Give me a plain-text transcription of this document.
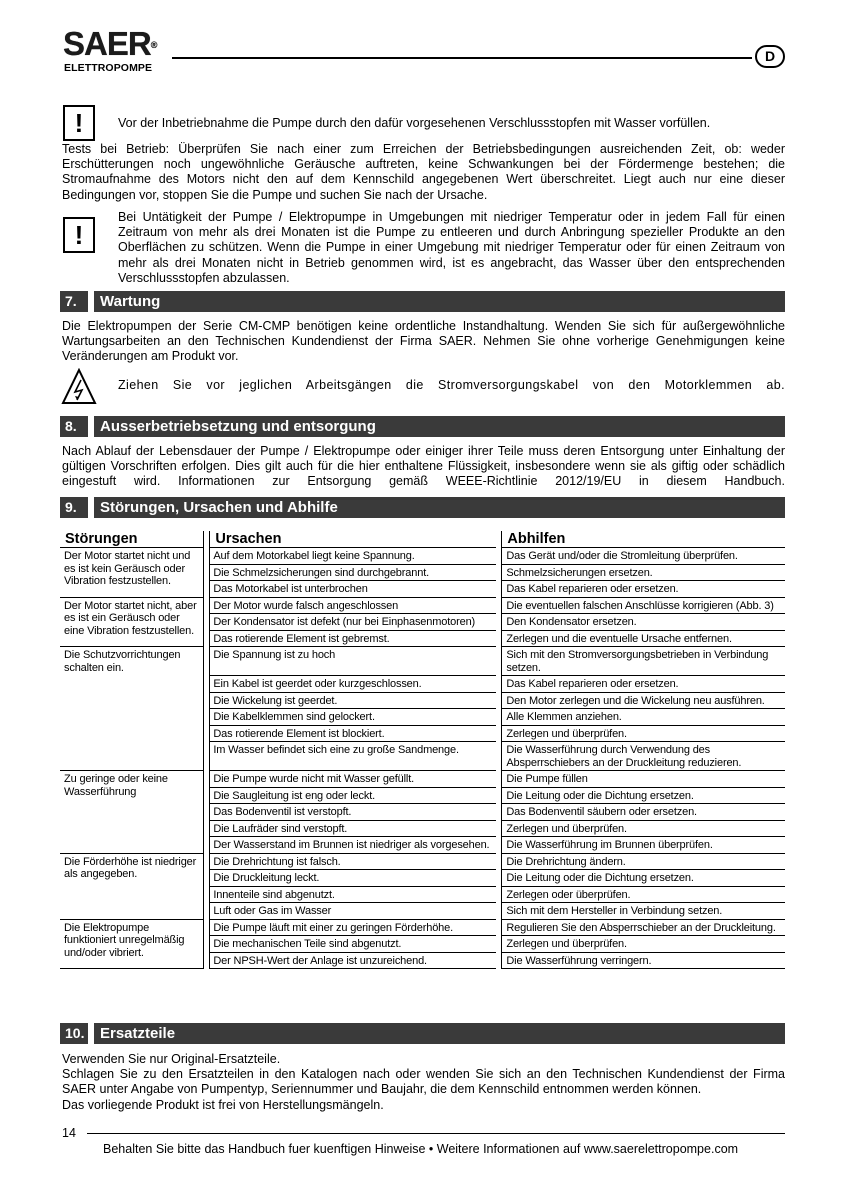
SAER®
ELETTROPOMPE
D
!	Vor der Inbetriebnahme die Pumpe durch den dafür vorgesehenen Verschlussstopfen mit Wasser vorfüllen.
Tests bei Betrieb: Überprüfen Sie nach einer zum Erreichen der Betriebsbedingungen ausreichenden Zeit, ob: weder Erschütterungen noch ungewöhnliche Geräusche auftreten, keine Schwankungen bei der Fördermenge bestehen; die Stromaufnahme des Motors nicht den auf dem Kennschild angegebenen Wert überschreitet. Liegt auch nur eine dieser Bedingungen vor, stoppen Sie die Pumpe und suchen Sie nach der Ursache.
!
Bei Untätigkeit der Pumpe / Elektropumpe in Umgebungen mit niedriger Temperatur oder in jedem Fall für einen Zeitraum von mehr als drei Monaten ist die Pumpe zu entleeren und durch Anbringung spezieller Produkte an den Oberflächen zu schützen. Wenn die Pumpe in einer Umgebung mit niedriger Temperatur oder für einen Zeitraum von mehr als drei Monaten nicht in Betrieb genommen wird, ist es angebracht, das Wasser über den entsprechenden Verschlussstopfen abzulassen.
7.	Wartung
Die Elektropumpen der Serie CM-CMP benötigen keine ordentliche Instandhaltung. Wenden Sie sich für außergewöhnliche Wartungsarbeiten an den Technischen Kundendienst der Firma SAER. Nehmen Sie ohne vorherige Genehmigungen keine Veränderungen am Produkt vor.
Ziehen Sie vor jeglichen Arbeitsgängen die Stromversorgungskabel von den Motorklemmen ab.
8.	Ausserbetriebsetzung und entsorgung
Nach Ablauf der Lebensdauer der Pumpe / Elektropumpe oder einiger ihrer Teile muss deren Entsorgung unter Einhaltung der gültigen Vorschriften erfolgen. Dies gilt auch für die hier enthaltene Flüssigkeit, insbesondere wenn sie als giftig oder schädlich eingestuft wird. Informationen zur Entsorgung gemäß WEEE-Richtlinie 2012/19/EU in diesem Handbuch.
9.	Störungen, Ursachen und Abhilfe
Störungen		Ursachen		Abhilfen
Der Motor startet nicht und es ist kein Geräusch oder Vibration festzustellen.		Auf dem Motorkabel liegt keine Spannung.		Das Gerät und/oder die Stromleitung überprüfen.
		Die Schmelzsicherungen sind durchgebrannt.		Schmelzsicherungen ersetzen.
		Das Motorkabel ist unterbrochen		Das Kabel reparieren oder ersetzen.
Der Motor startet nicht, aber es ist ein Geräusch oder eine Vibration festzustellen.		Der Motor wurde falsch angeschlossen		Die eventuellen falschen Anschlüsse korrigieren (Abb. 3)
		Der Kondensator ist defekt (nur bei Einphasenmotoren)		Den Kondensator ersetzen.
		Das rotierende Element ist gebremst.		Zerlegen und die eventuelle Ursache entfernen.
Die Schutzvorrichtungen schalten ein.		Die Spannung ist zu hoch		Sich mit den Stromversorgungsbetrieben in Verbindung setzen.
		Ein Kabel ist geerdet oder kurzgeschlossen.		Das Kabel reparieren oder ersetzen.
		Die Wickelung ist geerdet.		Den Motor zerlegen und die Wickelung neu ausführen.
		Die Kabelklemmen sind gelockert.		Alle Klemmen anziehen.
		Das rotierende Element ist blockiert.		Zerlegen und überprüfen.
		Im Wasser befindet sich eine zu große Sandmenge.		Die Wasserführung durch Verwendung des Absperrschiebers an der Druckleitung reduzieren.
Zu geringe oder keine Wasserführung		Die Pumpe wurde nicht mit Wasser gefüllt.		Die Pumpe füllen
		Die Saugleitung ist eng oder leckt.		Die Leitung oder die Dichtung ersetzen.
		Das Bodenventil ist verstopft.		Das Bodenventil säubern oder ersetzen.
		Die Laufräder sind verstopft.		Zerlegen und überprüfen.
		Der Wasserstand im Brunnen ist niedriger als vorgesehen.		Die Wasserführung im Brunnen überprüfen.
Die Förderhöhe ist niedriger als angegeben.		Die Drehrichtung ist falsch.		Die Drehrichtung ändern.
		Die Druckleitung leckt.		Die Leitung oder die Dichtung ersetzen.
		Innenteile sind abgenutzt.		Zerlegen oder überprüfen.
		Luft oder Gas im Wasser		Sich mit dem Hersteller in Verbindung setzen.
Die Elektropumpe funktioniert unregelmäßig und/oder vibriert.		Die Pumpe läuft mit einer zu geringen Förderhöhe.		Regulieren Sie den Absperrschieber an der Druckleitung.
		Die mechanischen Teile sind abgenutzt.		Zerlegen und überprüfen.
		Der NPSH-Wert der Anlage ist unzureichend.		Die Wasserführung verringern.
10. Ersatzteile
Verwenden Sie nur Original-Ersatzteile.
Schlagen Sie zu den Ersatzteilen in den Katalogen nach oder wenden Sie sich an den Technischen Kundendienst der Firma SAER unter Angabe von Pumpentyp, Seriennummer und Baujahr, die dem Kennschild entnommen werden können.
Das vorliegende Produkt ist frei von Herstellungsmängeln.
14
Behalten Sie bitte das Handbuch fuer kuenftigen Hinweise • Weitere Informationen auf www.saerelettropompe.com
